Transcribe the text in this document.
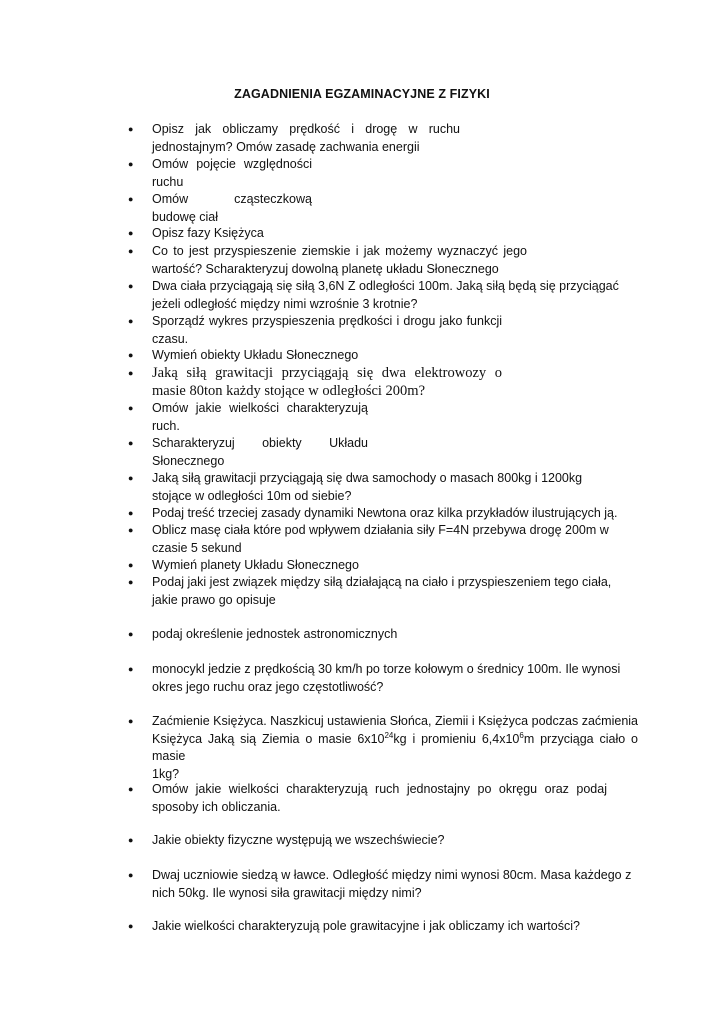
ZAGADNIENIA EGZAMINACYJNE Z FIZYKI

● Opisz jak obliczamy prędkość i drogę w ruchu

jednostajnym? Omów zasadę zachwania energii

● Omów pojęcie względności

ruchu

● Omów cząsteczkową

budowę ciał

● Opisz fazy Księżyca

● Co to jest przyspieszenie ziemskie i jak możemy wyznaczyć jego

wartość? Scharakteryzuj dowolną planetę układu Słonecznego

● Dwa ciała przyciągają się siłą 3,6N Z odległości 100m. Jaką siłą będą się przyciągać

jeżeli odległość między nimi wzrośnie 3 krotnie?

● Sporządź wykres przyspieszenia prędkości i drogu jako funkcji

czasu.

● Wymień obiekty Układu Słonecznego

● Jaką siłą grawitacji przyciągają się dwa elektrowozy o

masie 80ton każdy stojące w odległości 200m?

● Omów jakie wielkości charakteryzują

ruch.

● Scharakteryzuj obiekty Układu

Słonecznego

● Jaką siłą grawitacji przyciągają się dwa samochody o masach 800kg i 1200kg

stojące w odległości 10m od siebie?

● Podaj treść trzeciej zasady dynamiki Newtona oraz kilka przykładów ilustrujących ją.

● Oblicz masę ciała które pod wpływem działania siły F=4N przebywa drogę 200m w

czasie 5 sekund

● Wymień planety Układu Słonecznego

● Podaj jaki jest związek między siłą działającą na ciało i przyspieszeniem tego ciała,

jakie prawo go opisuje

● podaj określenie jednostek astronomicznych

● monocykl jedzie z prędkością 30 km/h po torze kołowym o średnicy 100m. Ile wynosi

okres jego ruchu oraz jego częstotliwość?

● Zaćmienie Księżyca. Naszkicuj ustawienia Słońca, Ziemii i Księżyca podczas zaćmienia

Księżyca Jaką sią Ziemia o masie $6x10^{24}kg$ i promieniu $6,4x10^6m$ przyciąga ciało o masie

1kg?

● Omów jakie wielkości charakteryzują ruch jednostajny po okręgu oraz podaj

sposoby ich obliczania.

● Jakie obiekty fizyczne występują we wszechświecie?

● Dwaj uczniowie siedzą w ławce. Odległość między nimi wynosi 80cm. Masa każdego z

nich 50kg. Ile wynosi siła grawitacji między nimi?

● Jakie wielkości charakteryzują pole grawitacyjne i jak obliczamy ich wartości?
